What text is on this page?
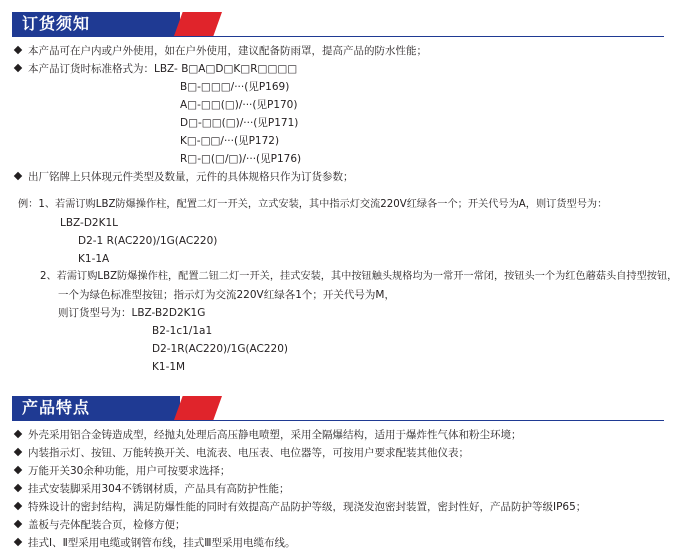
订货须知
本产品可在户内或户外使用，如在户外使用，建议配备防雨罩，提高产品的防水性能；
本产品订货时标准格式为：LBZ- B□A□D□K□R□□□□
B□-□□□/···(见P169)
A□-□□(□)/···(见P170)
D□-□□(□)/···(见P171)
K□-□□/···(见P172)
R□-□(□/□)/···(见P176)
出厂铭牌上只体现元件类型及数量，元件的具体规格只作为订货参数；
例：1、若需订购LBZ防爆操作柱，配置二灯一开关，立式安装，其中指示灯交流220V红绿各一个；开关代号为A，则订货型号为：
LBZ-D2K1L
D2-1 R(AC220)/1G(AC220)
K1-1A
2、若需订购LBZ防爆操作柱，配置二钮二灯一开关，挂式安装，其中按钮触头规格均为一常开一常闭，按钮头一个为红色蘑菇头自持型按钮，
一个为绿色标准型按钮；指示灯为交流220V红绿各1个；开关代号为M，
则订货型号为：LBZ-B2D2K1G
B2-1c1/1a1
D2-1R(AC220)/1G(AC220)
K1-1M
产品特点
外壳采用铝合金铸造成型，经抛丸处理后高压静电喷塑，采用全隔爆结构，适用于爆炸性气体和粉尘环境；
内装指示灯、按钮、万能转换开关、电流表、电压表、电位器等，可按用户要求配装其他仪表；
万能开关30余种功能，用户可按要求选择；
挂式安装脚采用304不锈钢材质，产品具有高防护性能；
特殊设计的密封结构，满足防爆性能的同时有效提高产品防护等级，现浇发泡密封装置，密封性好，产品防护等级IP65；
盖板与壳体配装合页，检修方便；
挂式Ⅰ、Ⅱ型采用电缆或钢管布线，挂式Ⅲ型采用电缆布线。
